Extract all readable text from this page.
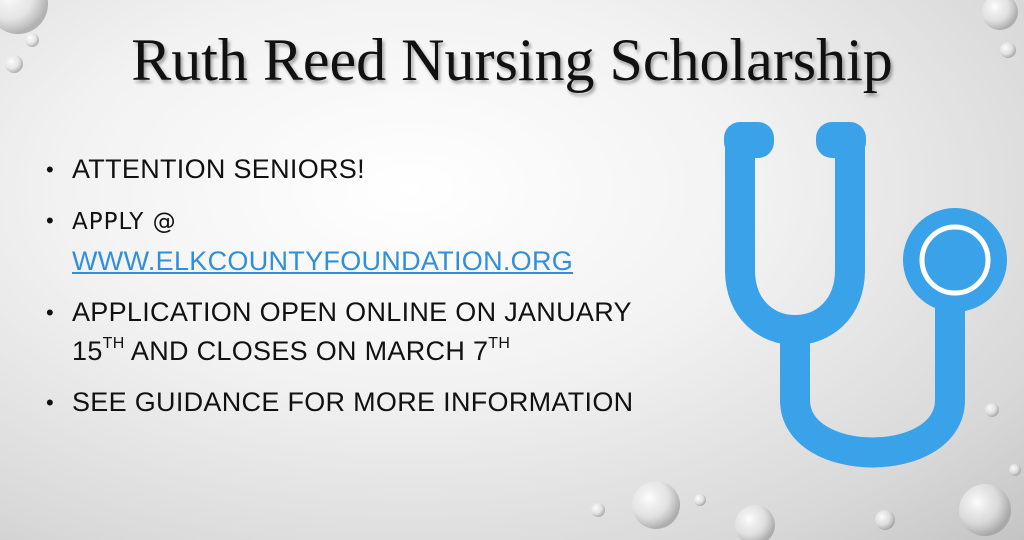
Ruth Reed Nursing Scholarship
• ATTENTION SENIORS!
• APPLY @
WWW.ELKCOUNTYFOUNDATION.ORG
• APPLICATION OPEN ONLINE ON JANUARY
15TH AND CLOSES ON MARCH 7TH
• SEE GUIDANCE FOR MORE INFORMATION
